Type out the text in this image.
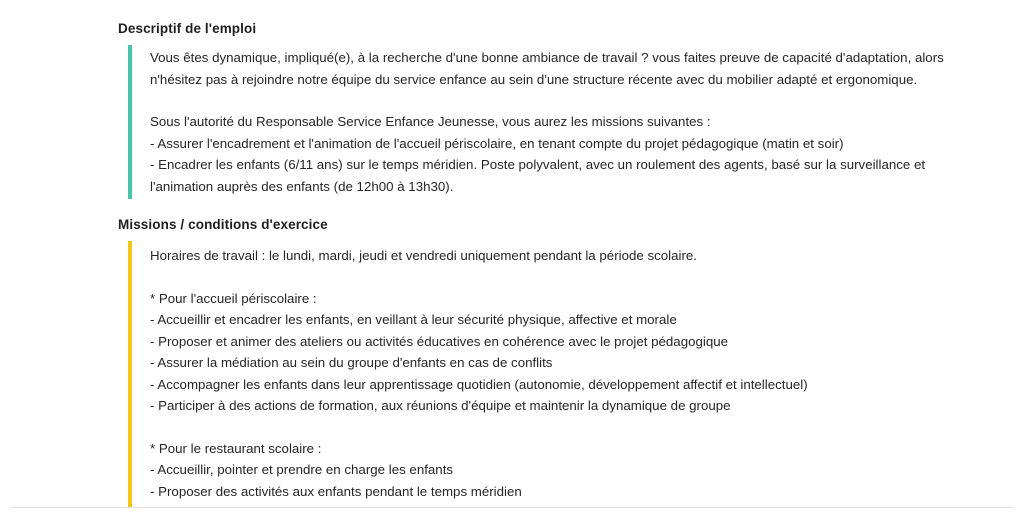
Descriptif de l'emploi

Vous êtes dynamique, impliqué(e), à la recherche d'une bonne ambiance de travail ? vous faites preuve de capacité d'adaptation, alors

n'hésitez pas à rejoindre notre équipe du service enfance au sein d'une structure récente avec du mobilier adapté et ergonomique.

Sous l'autorité du Responsable Service Enfance Jeunesse, vous aurez les missions suivantes :

- Assurer l'encadrement et l'animation de l'accueil périscolaire, en tenant compte du projet pédagogique (matin et soir)

- Encadrer les enfants (6/11 ans) sur le temps méridien. Poste polyvalent, avec un roulement des agents, basé sur la surveillance et

l'animation auprès des enfants (de 12h00 à 13h30).

Missions / conditions d'exercice

Horaires de travail : le lundi, mardi, jeudi et vendredi uniquement pendant la période scolaire.

* Pour l'accueil périscolaire :

- Accueillir et encadrer les enfants, en veillant à leur sécurité physique, affective et morale

- Proposer et animer des ateliers ou activités éducatives en cohérence avec le projet pédagogique

- Assurer la médiation au sein du groupe d'enfants en cas de conflits

- Accompagner les enfants dans leur apprentissage quotidien (autonomie, développement affectif et intellectuel)

- Participer à des actions de formation, aux réunions d'équipe et maintenir la dynamique de groupe

* Pour le restaurant scolaire :

- Accueillir, pointer et prendre en charge les enfants

- Proposer des activités aux enfants pendant le temps méridien
